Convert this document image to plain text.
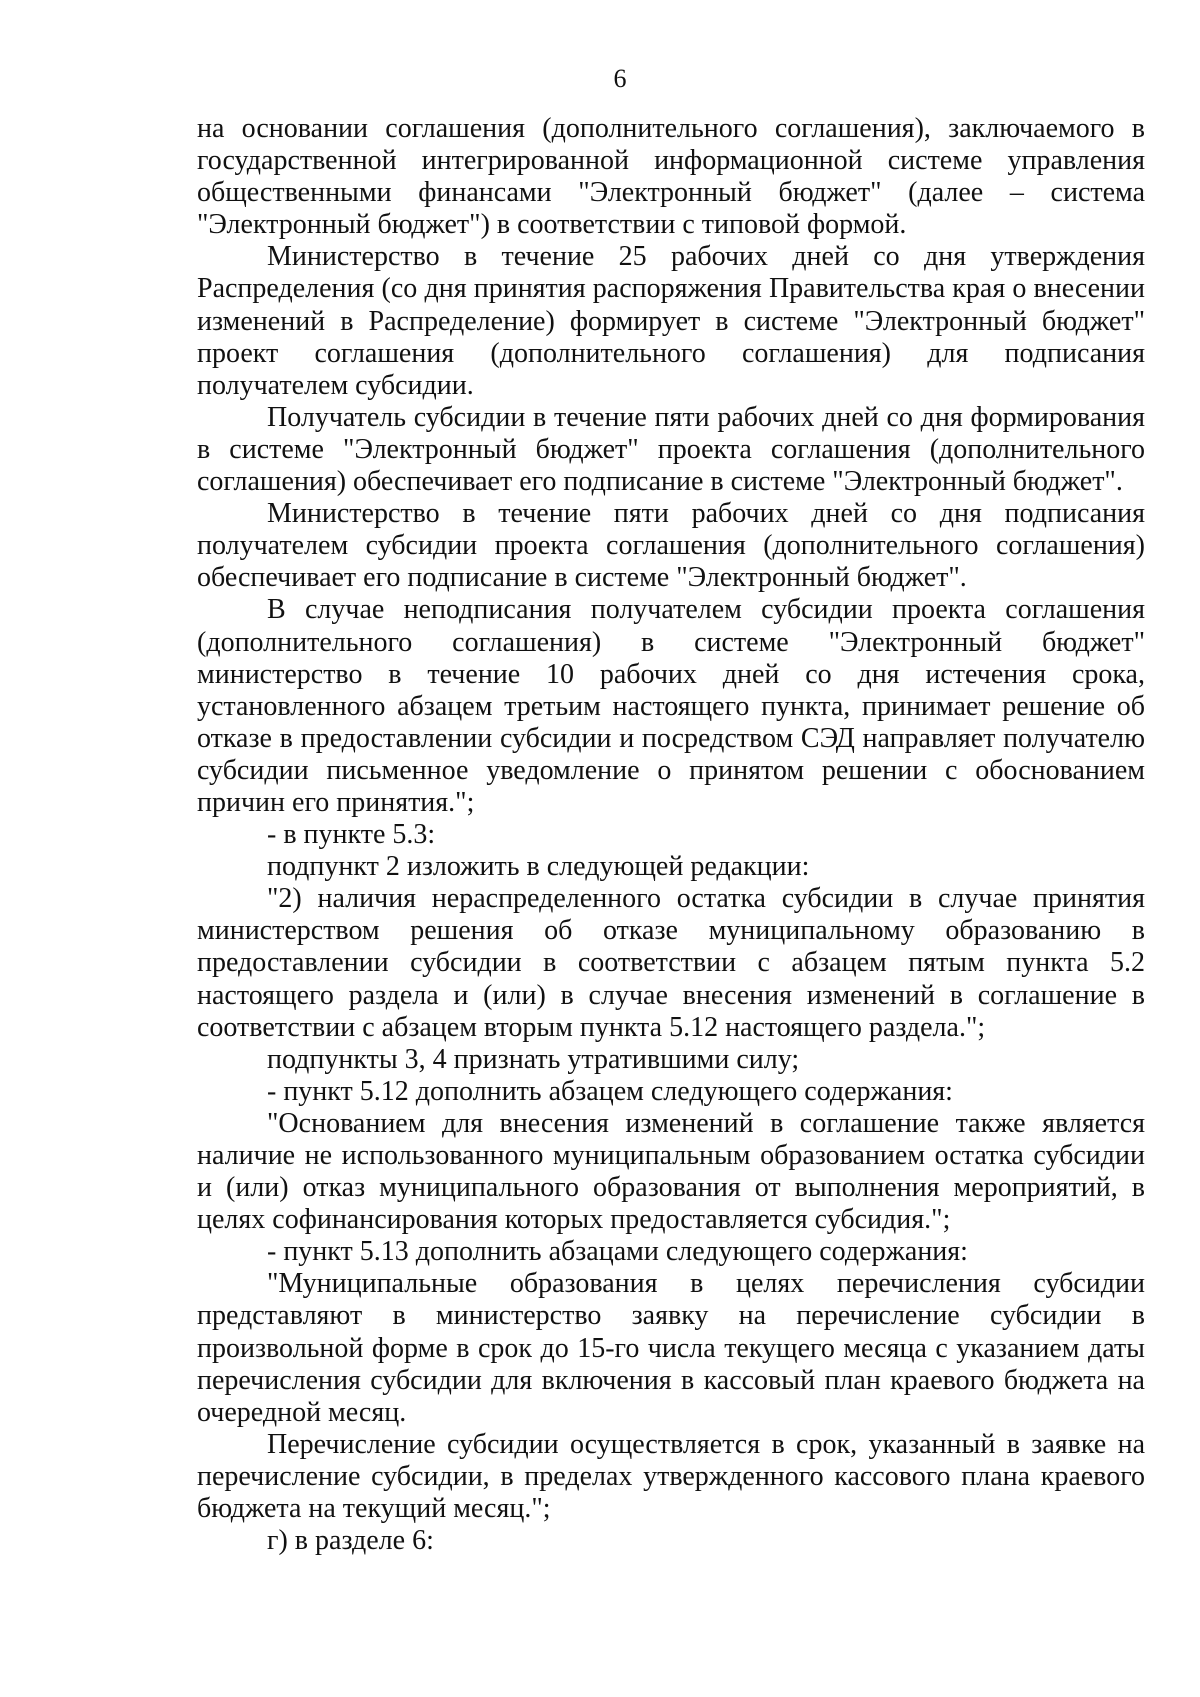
6

на основании соглашения (дополнительного соглашения), заключаемого в государственной интегрированной информационной системе управления общественными финансами "Электронный бюджет" (далее – система "Электронный бюджет") в соответствии с типовой формой.

Министерство в течение 25 рабочих дней со дня утверждения Распределения (со дня принятия распоряжения Правительства края о внесении изменений в Распределение) формирует в системе "Электронный бюджет" проект соглашения (дополнительного соглашения) для подписания получателем субсидии.

Получатель субсидии в течение пяти рабочих дней со дня формирования в системе "Электронный бюджет" проекта соглашения (дополнительного соглашения) обеспечивает его подписание в системе "Электронный бюджет".

Министерство в течение пяти рабочих дней со дня подписания получателем субсидии проекта соглашения (дополнительного соглашения) обеспечивает его подписание в системе "Электронный бюджет".

В случае неподписания получателем субсидии проекта соглашения (дополнительного соглашения) в системе "Электронный бюджет" министерство в течение 10 рабочих дней со дня истечения срока, установленного абзацем третьим настоящего пункта, принимает решение об отказе в предоставлении субсидии и посредством СЭД направляет получателю субсидии письменное уведомление о принятом решении с обоснованием причин его принятия.";

- в пункте 5.3:

подпункт 2 изложить в следующей редакции:

"2) наличия нераспределенного остатка субсидии в случае принятия министерством решения об отказе муниципальному образованию в предоставлении субсидии в соответствии с абзацем пятым пункта 5.2 настоящего раздела и (или) в случае внесения изменений в соглашение в соответствии с абзацем вторым пункта 5.12 настоящего раздела.";

подпункты 3, 4 признать утратившими силу;

- пункт 5.12 дополнить абзацем следующего содержания:

"Основанием для внесения изменений в соглашение также является наличие не использованного муниципальным образованием остатка субсидии и (или) отказ муниципального образования от выполнения мероприятий, в целях софинансирования которых предоставляется субсидия.";

- пункт 5.13 дополнить абзацами следующего содержания:

"Муниципальные образования в целях перечисления субсидии представляют в министерство заявку на перечисление субсидии в произвольной форме в срок до 15-го числа текущего месяца с указанием даты перечисления субсидии для включения в кассовый план краевого бюджета на очередной месяц.

Перечисление субсидии осуществляется в срок, указанный в заявке на перечисление субсидии, в пределах утвержденного кассового плана краевого бюджета на текущий месяц.";

г) в разделе 6:
